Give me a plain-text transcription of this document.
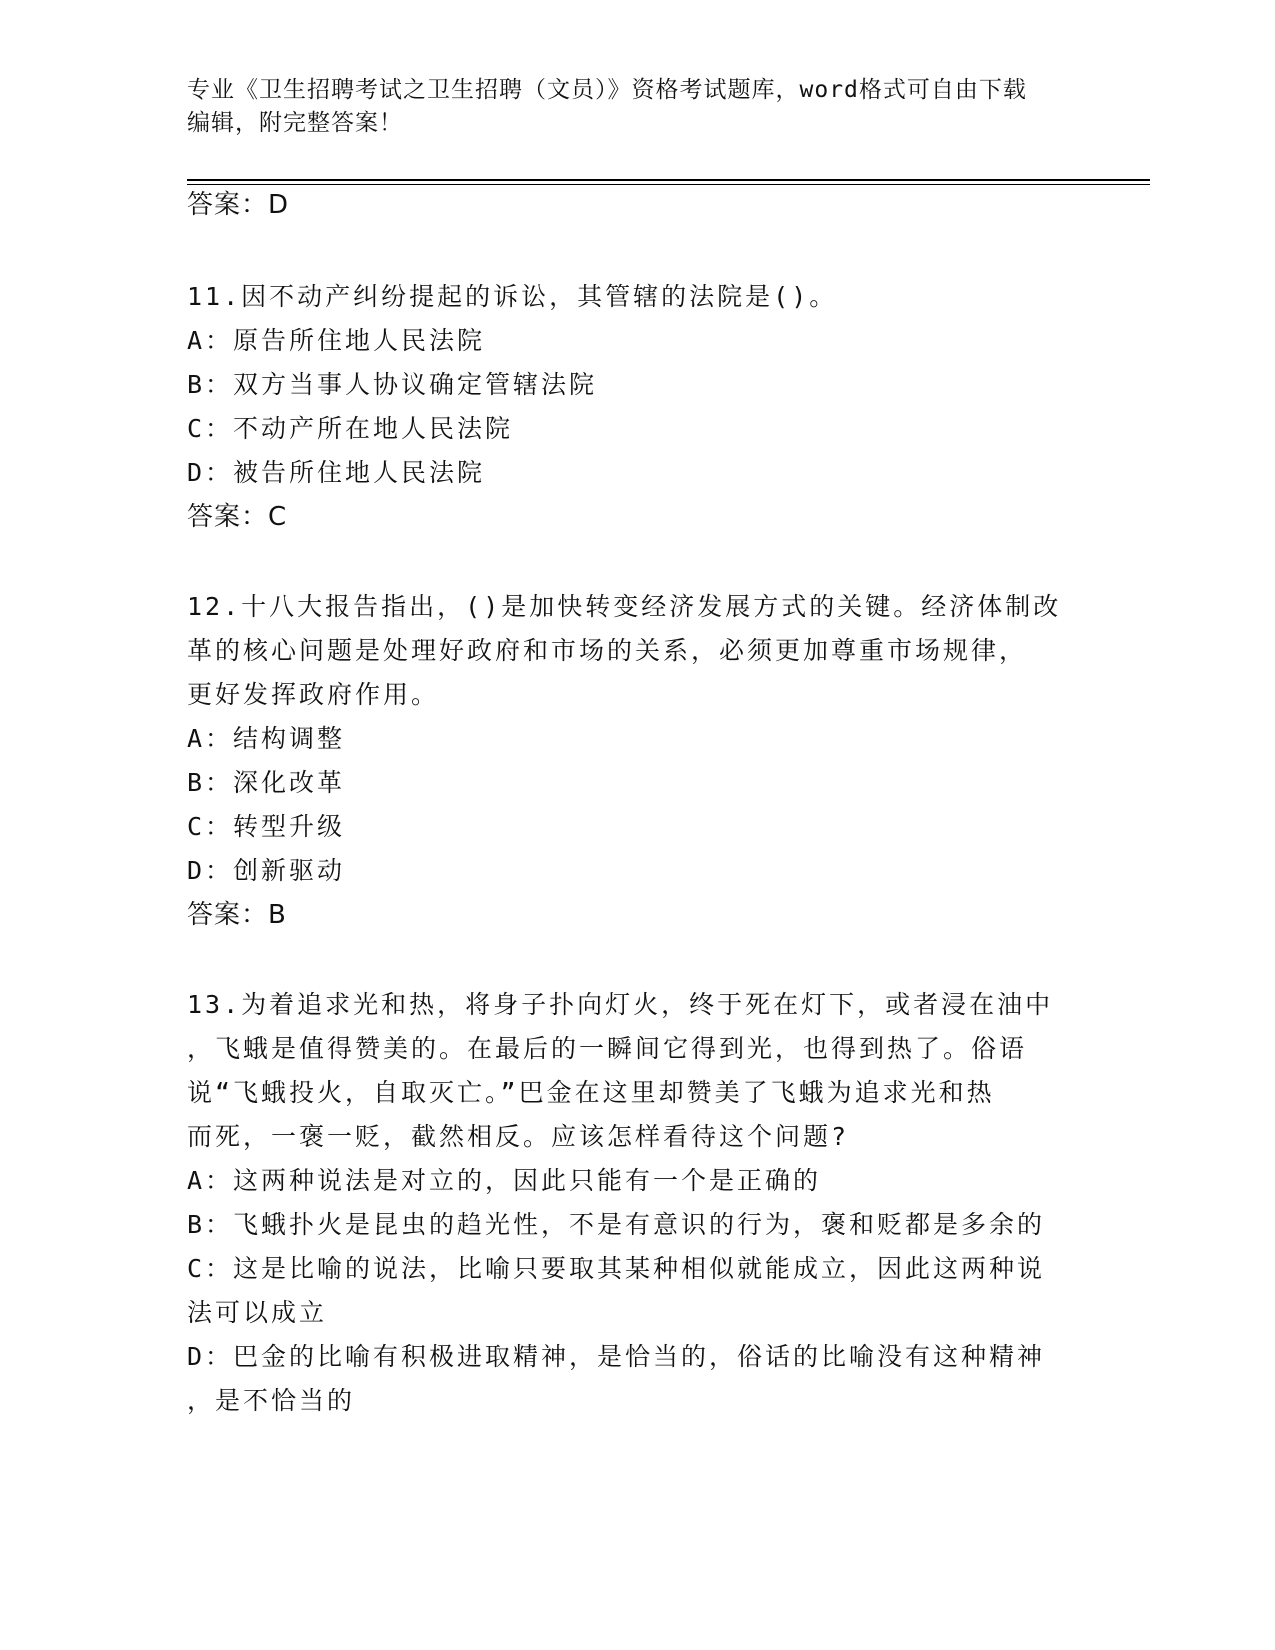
专业《卫生招聘考试之卫生招聘（文员）》资格考试题库，word格式可自由下载
编辑，附完整答案！
答案：D
11.因不动产纠纷提起的诉讼，其管辖的法院是()。
A：原告所住地人民法院
B：双方当事人协议确定管辖法院
C：不动产所在地人民法院
D：被告所住地人民法院
答案：C
12.十八大报告指出，()是加快转变经济发展方式的关键。经济体制改
革的核心问题是处理好政府和市场的关系，必须更加尊重市场规律，
更好发挥政府作用。
A：结构调整
B：深化改革
C：转型升级
D：创新驱动
答案：B
13.为着追求光和热，将身子扑向灯火，终于死在灯下，或者浸在油中
，飞蛾是值得赞美的。在最后的一瞬间它得到光，也得到热了。俗语
说“飞蛾投火，自取灭亡。”巴金在这里却赞美了飞蛾为追求光和热
而死，一褒一贬，截然相反。应该怎样看待这个问题?
A：这两种说法是对立的，因此只能有一个是正确的
B：飞蛾扑火是昆虫的趋光性，不是有意识的行为，褒和贬都是多余的
C：这是比喻的说法，比喻只要取其某种相似就能成立，因此这两种说
法可以成立
D：巴金的比喻有积极进取精神，是恰当的，俗话的比喻没有这种精神
，是不恰当的
